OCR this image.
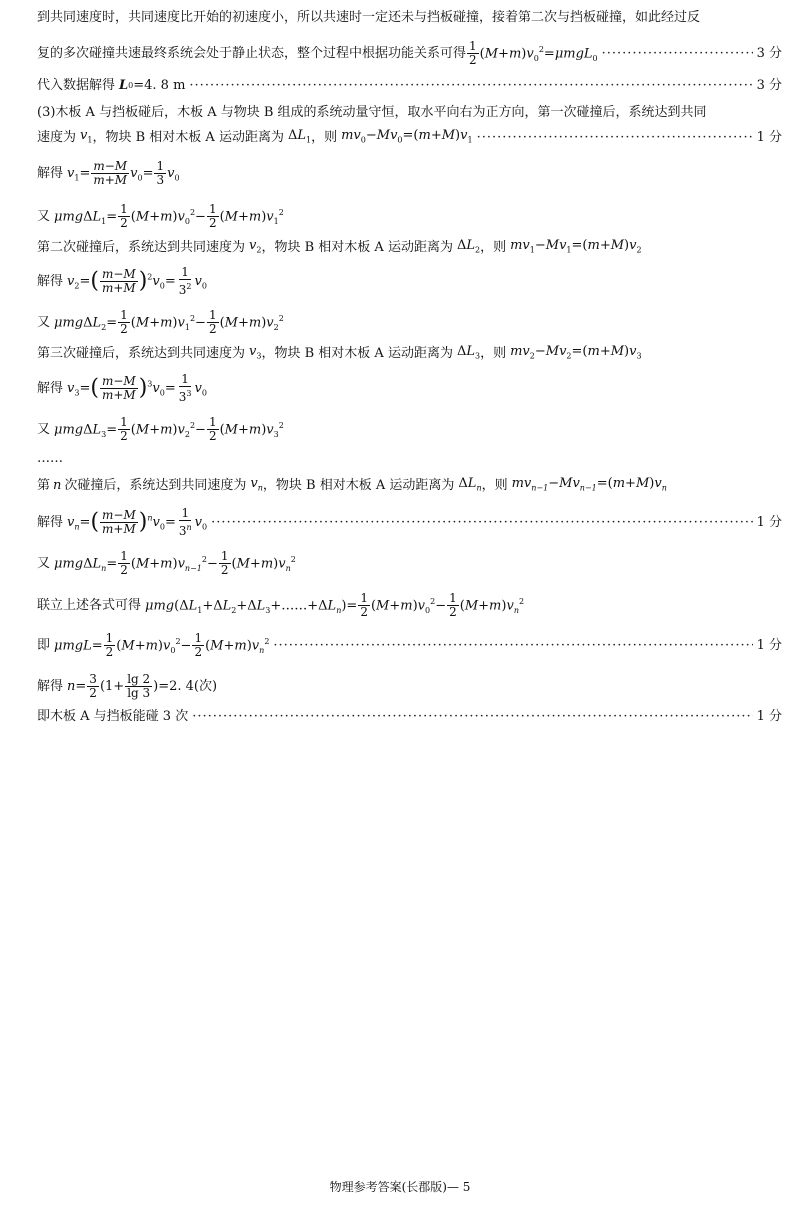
到共同速度时，共同速度比开始的初速度小，所以共速时一定还未与挡板碰撞，接着第二次与挡板碰撞，如此经过反
复的多次碰撞共速最终系统会处于静止状态，整个过程中根据功能关系可得 $\frac{1}{2} (M+m)v_0^2=\mu mgL_0$ ·····	3 分
代入数据解得 L 0 =4. 8 m ·····	3 分
(3)木板 A 与挡板碰后，木板 A 与物块 B 组成的系统动量守恒，取水平向右为正方向，第一次碰撞后，系统达到共同
速度为 $v_1$ ，物块 B 相对木板 A 运动距离为 $\Delta L_1$ ，则 $mv_0-Mv_0=(m+M)v_1$ ·····	1 分
解得 $v_1= \frac{m-M}{m+M} v_0= \frac{1}{3} v_0$
又 $\mu mg\Delta L_1= \frac{1}{2} (M+m)v_0^2- \frac{1}{2} (M+m)v_1^2$
第二次碰撞后，系统达到共同速度为 $v_2$ ，物块 B 相对木板 A 运动距离为 $\Delta L_2$ ，则 $mv_1-Mv_1=(m+M)v_2$
解得 $v_2=( \frac{m-M}{m+M} )^2v_0= \frac{1}{3^2} v_0$
又 $\mu mg\Delta L_2= \frac{1}{2} (M+m)v_1^2- \frac{1}{2} (M+m)v_2^2$
第三次碰撞后，系统达到共同速度为 $v_3$ ，物块 B 相对木板 A 运动距离为 $\Delta L_3$ ，则 $mv_2-Mv_2=(m+M)v_3$
解得 $v_3=( \frac{m-M}{m+M} )^3v_0= \frac{1}{3^3} v_0$
又 $\mu mg\Delta L_3= \frac{1}{2} (M+m)v_2^2- \frac{1}{2} (M+m)v_3^2$
……
第 n 次碰撞后，系统达到共同速度为 $v_n$ ，物块 B 相对木板 A 运动距离为 $\Delta L_n$ ，则 $mv_{n-1}-Mv_{n-1}=(m+M)v_n$
解得 $v_n=( \frac{m-M}{m+M} )^nv_0= \frac{1}{3^n} v_0$ ·····	1 分
又 $\mu mg\Delta L_n= \frac{1}{2} (M+m)v_{n-1}^2- \frac{1}{2} (M+m)v_n^2$
联立上述各式可得 $\mu mg(\Delta L_1+\Delta L_2+\Delta L_3+\dots\dots+\Delta L_n)= \frac{1}{2} (M+m)v_0^2- \frac{1}{2} (M+m)v_n^2$
即 $\mu mgL= \frac{1}{2} (M+m)v_0^2- \frac{1}{2} (M+m)v_n^2$ ·····	1 分
解得 $n= \frac{3}{2} (1+ \frac{\lg 2}{\lg 3}$ ) =2. 4(次)
即木板 A 与挡板能碰 3 次 ·····	1 分
物理参考答案(长郡版)— 5
